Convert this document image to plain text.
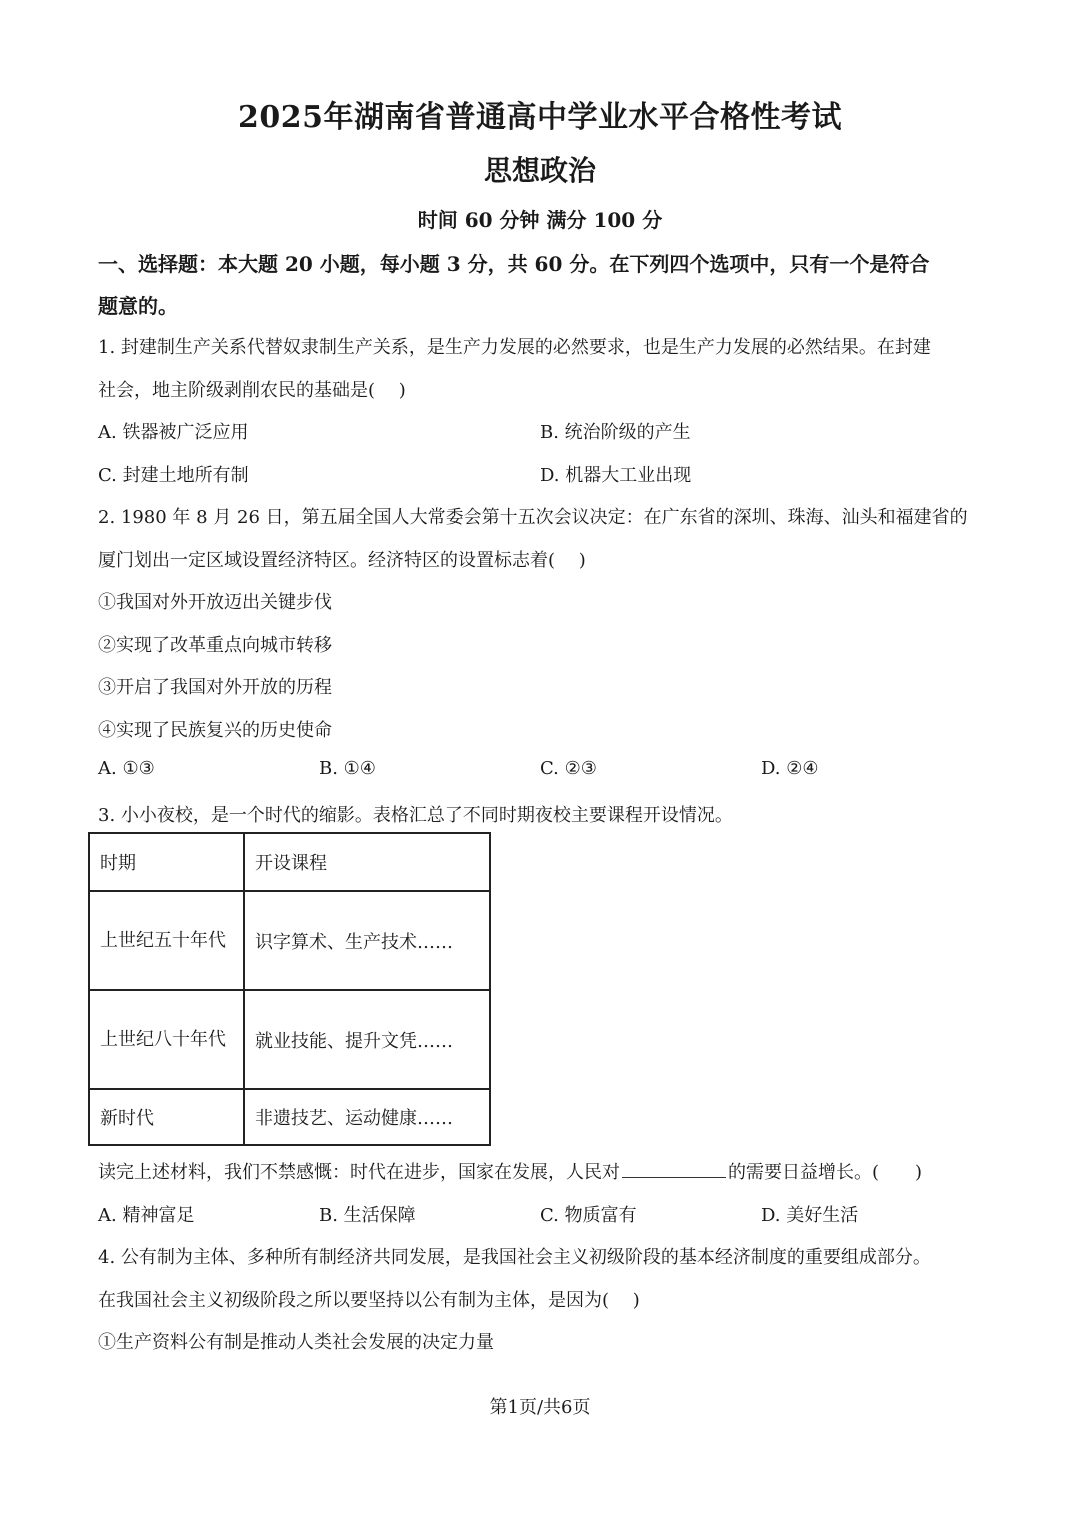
2025年湖南省普通高中学业水平合格性考试
思想政治
时间 60 分钟 满分 100 分
一、选择题：本大题 20 小题，每小题 3 分，共 60 分。在下列四个选项中，只有一个是符合
题意的。
1. 封建制生产关系代替奴隶制生产关系，是生产力发展的必然要求，也是生产力发展的必然结果。在封建
社会，地主阶级剥削农民的基础是(　 )
A. 铁器被广泛应用	B. 统治阶级的产生
C. 封建土地所有制	D. 机器大工业出现
2. 1980 年 8 月 26 日，第五届全国人大常委会第十五次会议决定：在广东省的深圳、珠海、汕头和福建省的
厦门划出一定区域设置经济特区。经济特区的设置标志着(　 )
①我国对外开放迈出关键步伐
②实现了改革重点向城市转移
③开启了我国对外开放的历程
④实现了民族复兴的历史使命
A. ①③	B. ①④	C. ②③	D. ②④
3. 小小夜校，是一个时代的缩影。表格汇总了不同时期夜校主要课程开设情况。
时期	开设课程
上世纪五十年代	识字算术、生产技术……
上世纪八十年代	就业技能、提升文凭……
新时代	非遗技艺、运动健康……
读完上述材料，我们不禁感慨：时代在进步，国家在发展，人民对	的需要日益增长。(　　)
A. 精神富足	B. 生活保障	C. 物质富有	D. 美好生活
4. 公有制为主体、多种所有制经济共同发展，是我国社会主义初级阶段的基本经济制度的重要组成部分。
在我国社会主义初级阶段之所以要坚持以公有制为主体，是因为(　 )
①生产资料公有制是推动人类社会发展的决定力量
第1页/共6页
